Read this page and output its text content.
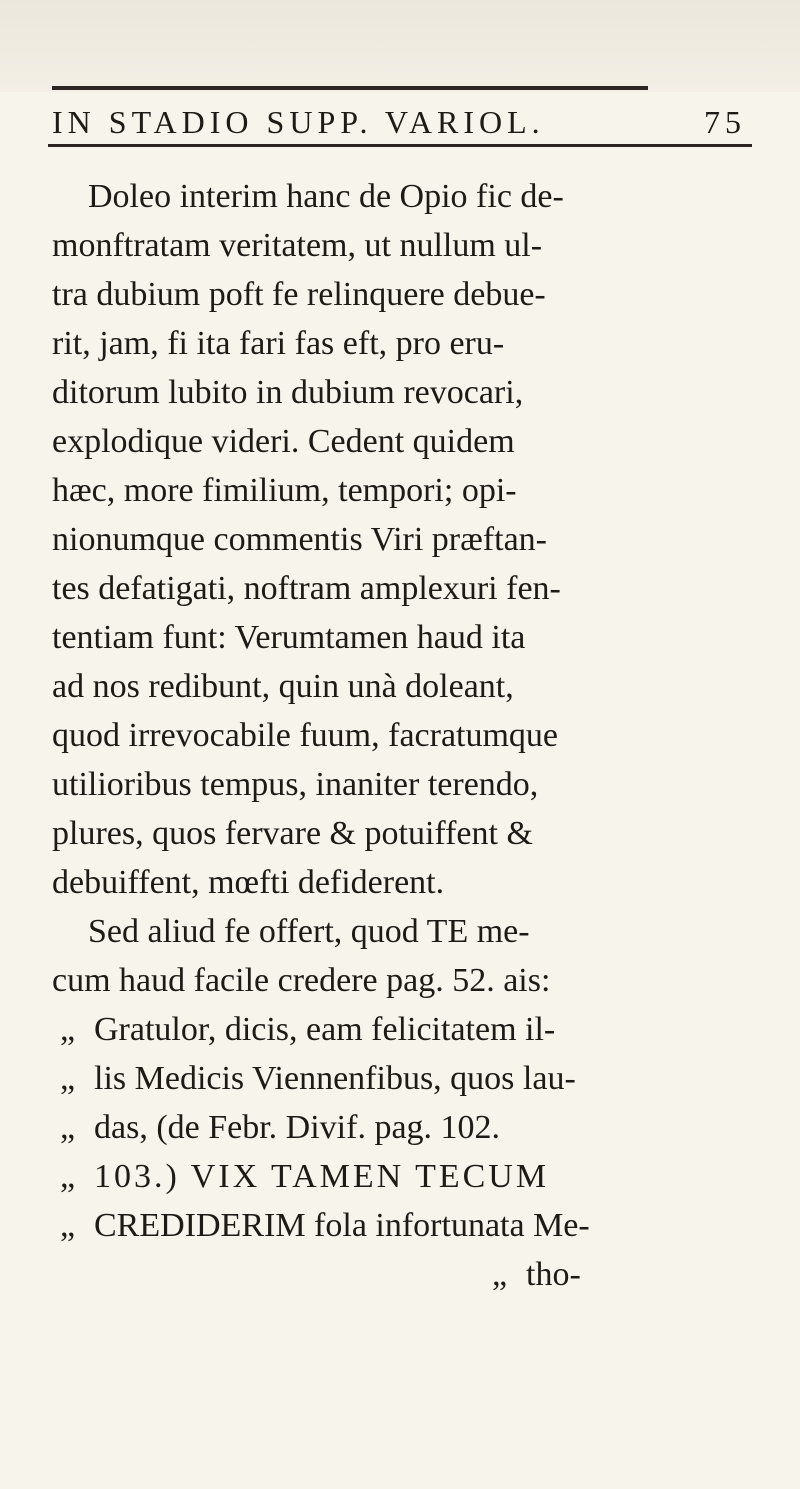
IN STADIO SUPP. VARIOL.	75
Doleo interim hanc de Opio fic de-
monftratam veritatem, ut nullum ul-
tra dubium poft fe relinquere debue-
rit, jam, fi ita fari fas eft, pro eru-
ditorum lubito in dubium revocari,
explodique videri. Cedent quidem
hæc, more fimilium, tempori; opi-
nionumque commentis Viri præftan-
tes defatigati, noftram amplexuri fen-
tentiam funt: Verumtamen haud ita
ad nos redibunt, quin unà doleant,
quod irrevocabile fuum, facratumque
utilioribus tempus, inaniter terendo,
plures, quos fervare & potuiffent &
debuiffent, mœfti defiderent.
Sed aliud fe offert, quod TE me-
cum haud facile credere pag. 52. ais:
„ Gratulor, dicis, eam felicitatem il-
„ lis Medicis Viennenfibus, quos lau-
„ das, (de Febr. Divif. pag. 102.
„ 103.) VIX TAMEN TECUM
„ CREDIDERIM fola infortunata Me-
„ tho-
